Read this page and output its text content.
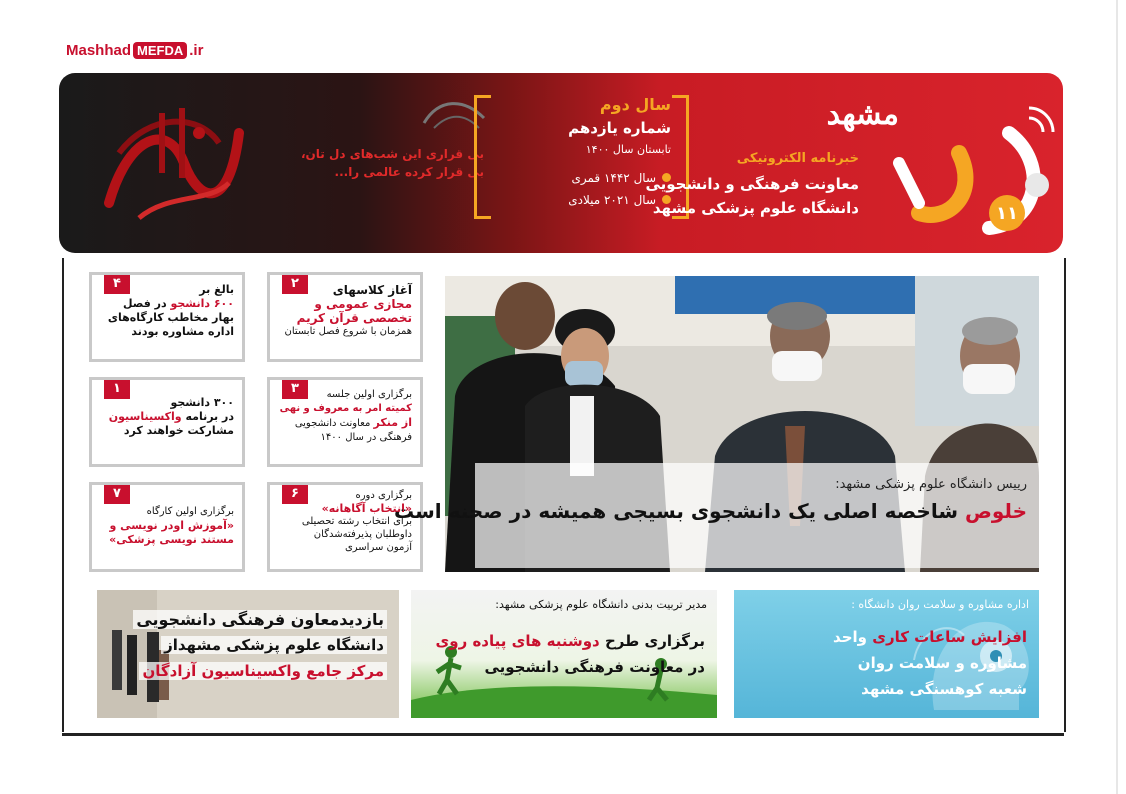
Mashhad MEFDA .ir
بی قراری این شب‌های دل تان،
بی قرار کرده عالمی را...
سال دوم
شماره یازدهم
تابستان سال ۱۴۰۰
سال ۱۴۴۲ قمری
سال ۲۰۲۱ میلادی
مشهد
خبرنامه الکترونیکی
معاونت فرهنگی و دانشجویی
دانشگاه علوم پزشکی مشهد	۱۱
۴	بالغ بر
۶۰۰ دانشجو در فصل
بهار مخاطب کارگاه‌های
اداره مشاوره بودند
۲	آغاز کلاسهای
مجازی عمومی و
تخصصی قرآن کریم
همزمان با شروع فصل تابستان
۱
۳۰۰ دانشجو
در برنامه واکسیناسیون
مشارکت خواهند کرد
۳	برگزاری اولین جلسه
کمیته امر به معروف و نهی
از منکر معاونت دانشجویی
فرهنگی در سال ۱۴۰۰
۷
برگزاری اولین کارگاه
«آموزش اودر نویسی و
مستند نویسی پزشکی»
۶	برگزاری دوره
«انتخاب آگاهانه»
برای انتخاب رشته تحصیلی
داوطلبان پذیرفته‌شدگان
آزمون سراسری
رییس دانشگاه علوم پزشکی مشهد:
خلوص شاخصه اصلی یک دانشجوی بسیجی همیشه در صحنه است
بازدیدمعاون فرهنگی دانشجویی
دانشگاه علوم پزشکی مشهداز
مرکز جامع واکسیناسیون آزادگان
مدیر تربیت بدنی دانشگاه علوم پزشکی مشهد:
برگزاری طرح دوشنبه های پیاده روی
در معاونت فرهنگی دانشجویی
اداره مشاوره و سلامت روان دانشگاه :
افزایش ساعات کاری واحد
مشاوره و سلامت روان
شعبه کوهسنگی مشهد
